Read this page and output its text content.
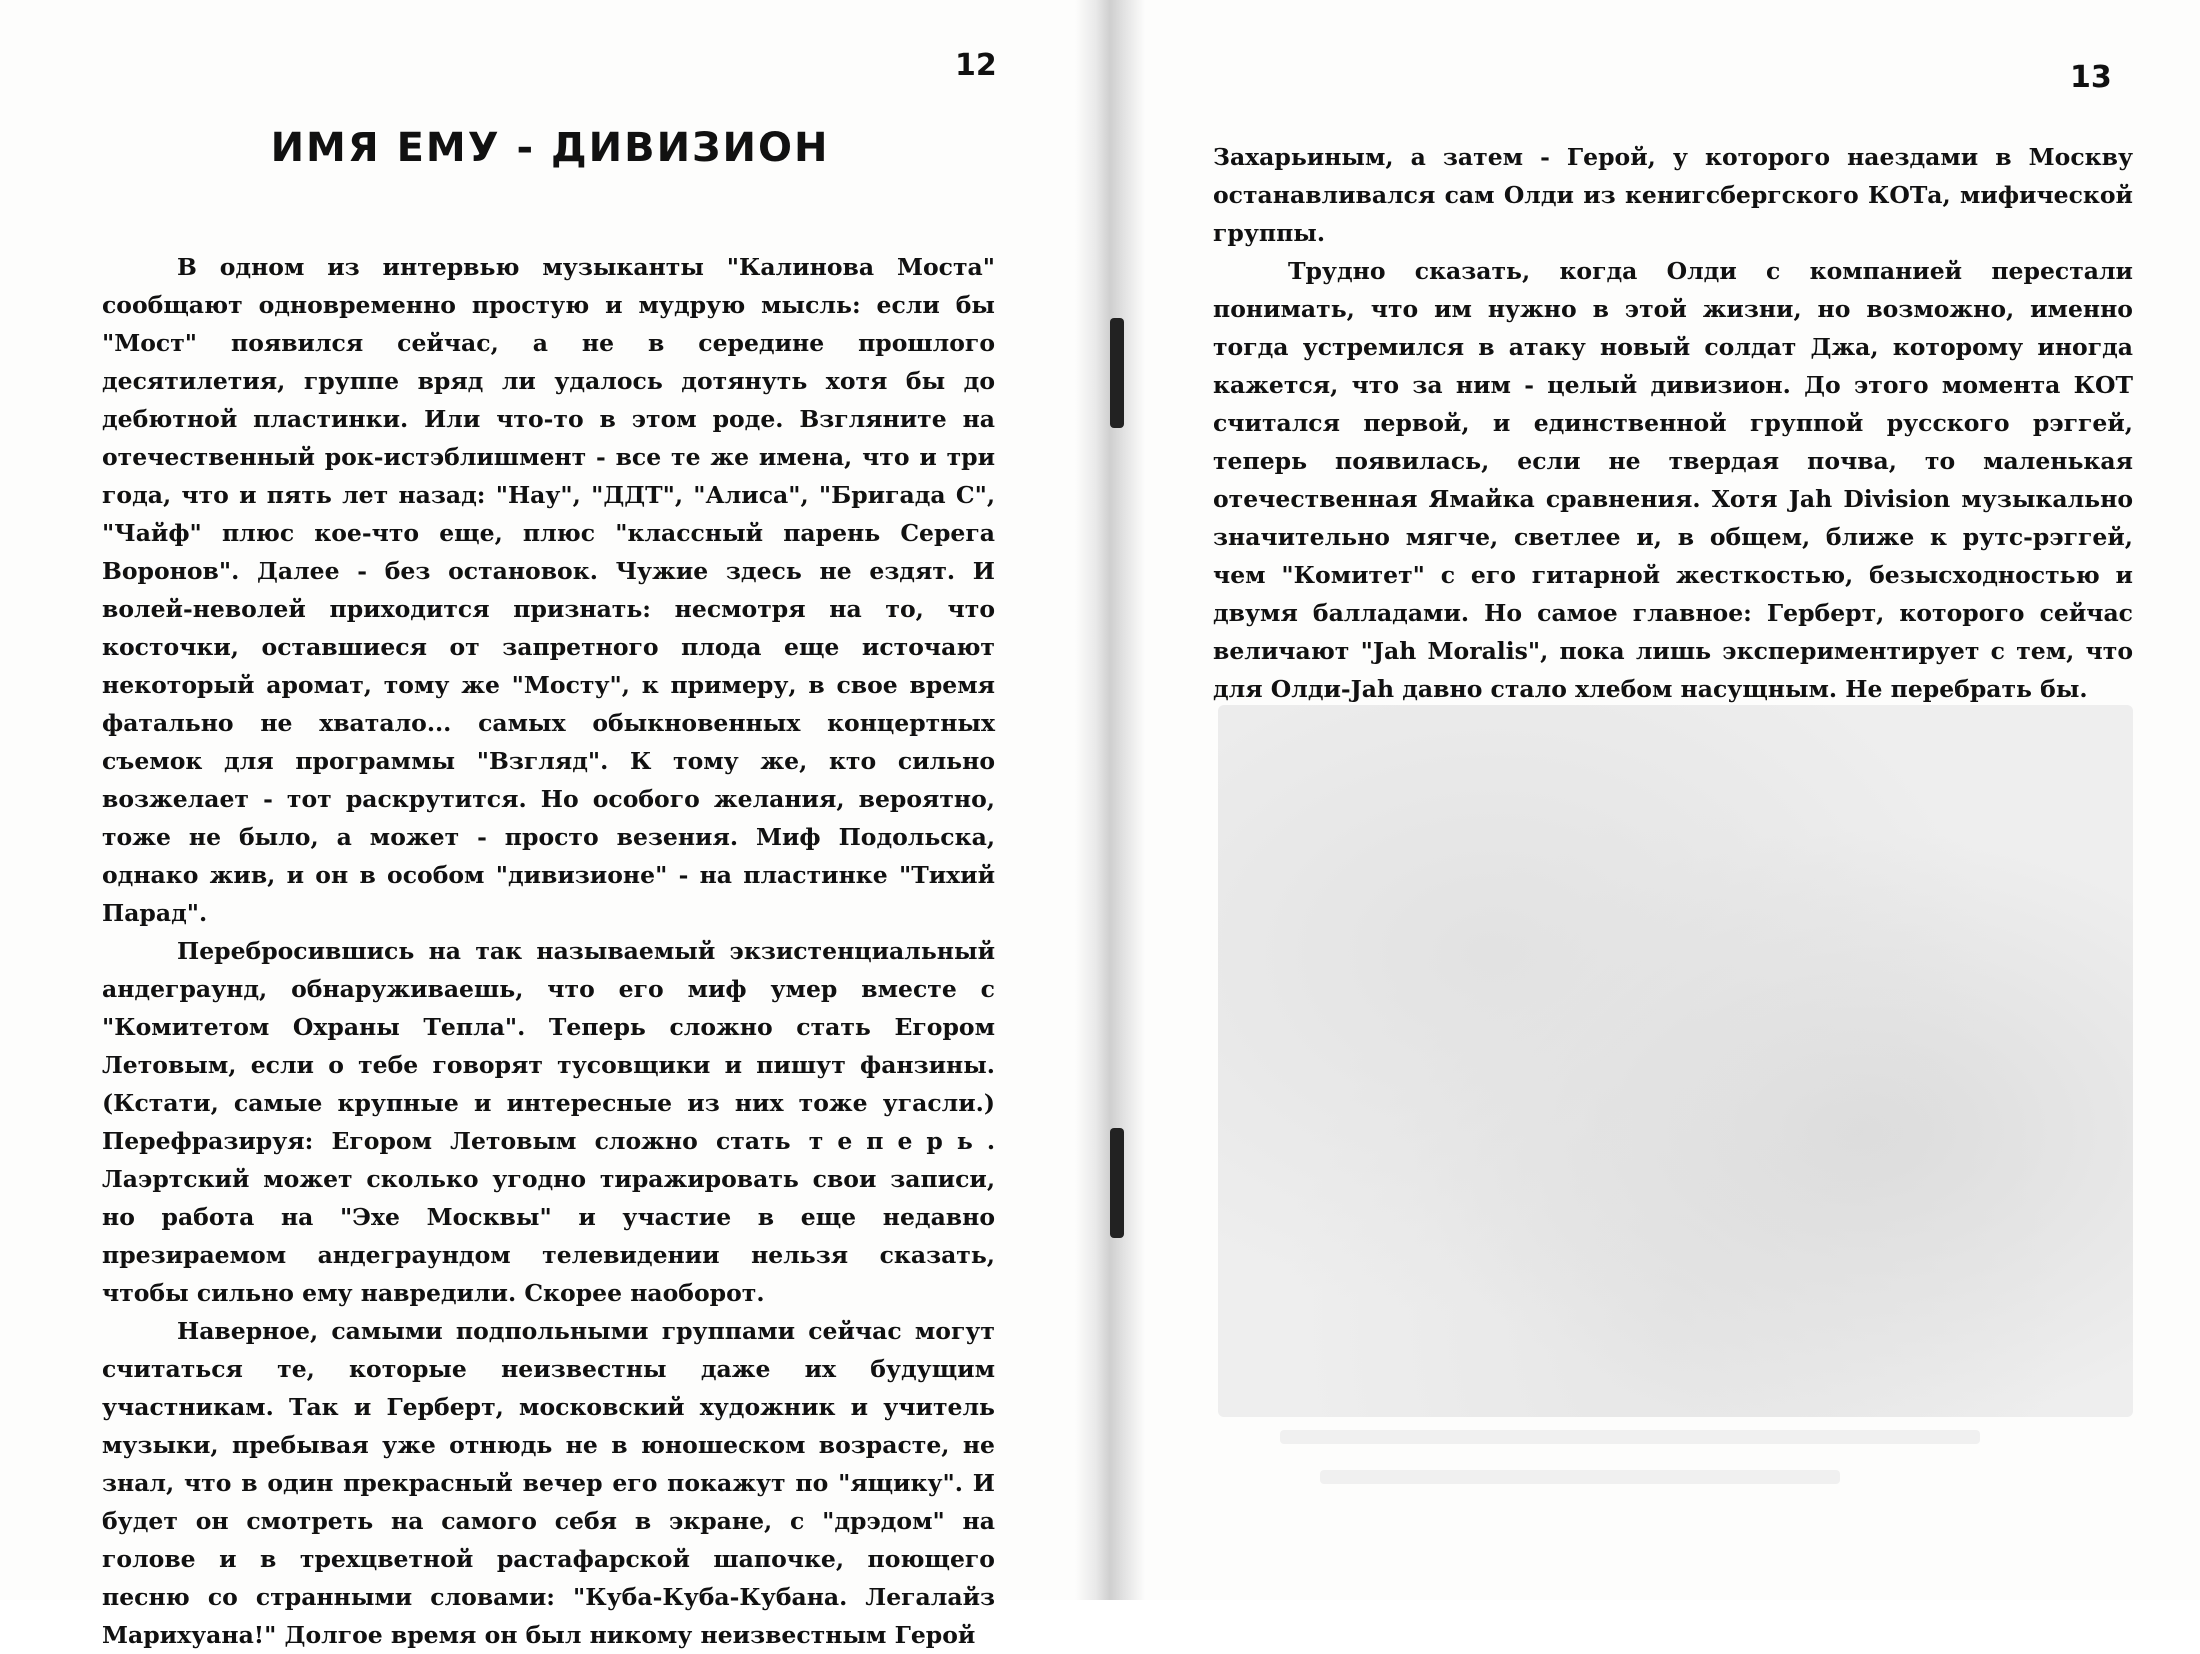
12
ИМЯ ЕМУ - ДИВИЗИОН

В одном из интервью музыканты "Калинова Моста" сообщают одновременно простую и мудрую мысль: если бы "Мост" появился сейчас, а не в середине прошлого десятилетия, группе вряд ли удалось дотянуть хотя бы до дебютной пластинки. Или что-то в этом роде. Взгляните на отечественный рок-истэблишмент - все те же имена, что и три года, что и пять лет назад: "Нау", "ДДТ", "Алиса", "Бригада С", "Чайф" плюс кое-что еще, плюс "классный парень Серега Воронов". Далее - без остановок. Чужие здесь не ездят. И волей-неволей приходится признать: несмотря на то, что косточки, оставшиеся от запретного плода еще источают некоторый аромат, тому же "Мосту", к примеру, в свое время фатально не хватало... самых обыкновенных концертных съемок для программы "Взгляд". К тому же, кто сильно возжелает - тот раскрутится. Но особого желания, вероятно, тоже не было, а может - просто везения. Миф Подольска, однако жив, и он в особом "дивизионе" - на пластинке "Тихий Парад".

Перебросившись на так называемый экзистенциальный андеграунд, обнаруживаешь, что его миф умер вместе с "Комитетом Охраны Тепла". Теперь сложно стать Егором Летовым, если о тебе говорят тусовщики и пишут фанзины. (Кстати, самые крупные и интересные из них тоже угасли.) Перефразируя: Егором Летовым сложно стать теперь. Лаэртский может сколько угодно тиражировать свои записи, но работа на "Эхе Москвы" и участие в еще недавно презираемом андеграундом телевидении нельзя сказать, чтобы сильно ему навредили. Скорее наоборот.

Наверное, самыми подпольными группами сейчас могут считаться те, которые неизвестны даже их будущим участникам. Так и Герберт, московский художник и учитель музыки, пребывая уже отнюдь не в юношеском возрасте, не знал, что в один прекрасный вечер его покажут по "ящику". И будет он смотреть на самого себя в экране, с "дрэдом" на голове и в трехцветной растафарской шапочке, поющего песню со странными словами: "Куба-Куба-Кубана. Легалайз Марихуана!" Долгое время он был никому неизвестным Герой

13

Захарьиным, а затем - Герой, у которого наездами в Москву останавливался сам Олди из кенигсбергского КОТа, мифической группы.

Трудно сказать, когда Олди с компанией перестали понимать, что им нужно в этой жизни, но возможно, именно тогда устремился в атаку новый солдат Джа, которому иногда кажется, что за ним - целый дивизион. До этого момента КОТ считался первой, и единственной группой русского рэггей, теперь появилась, если не твердая почва, то маленькая отечественная Ямайка сравнения. Хотя Jah Division музыкально значительно мягче, светлее и, в общем, ближе к рутс-рэггей, чем "Комитет" с его гитарной жесткостью, безысходностью и двумя балладами. Но самое главное: Герберт, которого сейчас величают "Jah Moralis", пока лишь экспериментирует с тем, что для Олди-Jah давно стало хлебом насущным. Не перебрать бы.
